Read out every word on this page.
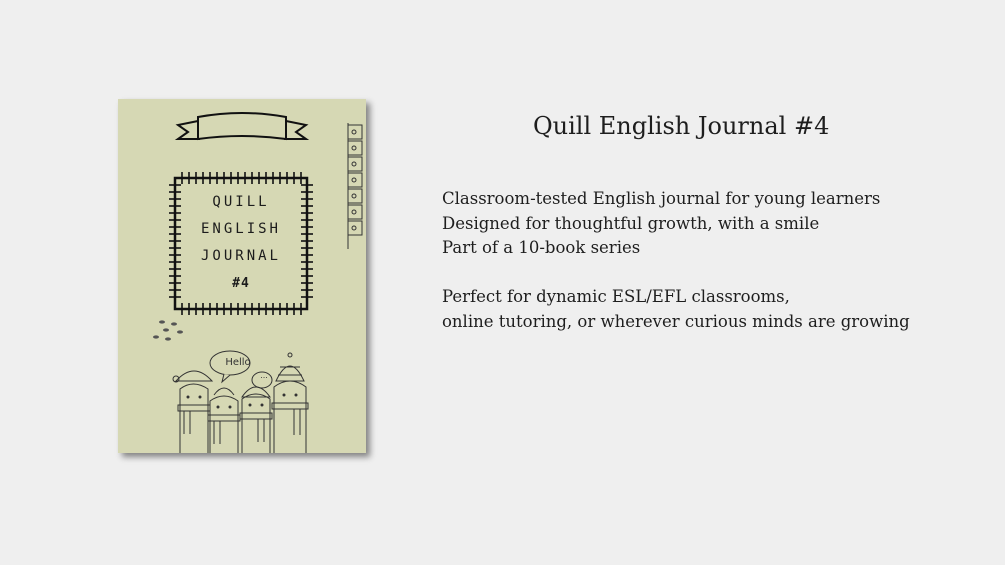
QUILL
ENGLISH
JOURNAL
#4
Hello
...
Quill English Journal #4
Classroom-tested English journal for young learners
Designed for thoughtful growth, with a smile
Part of a 10-book series
Perfect for dynamic ESL/EFL classrooms,
online tutoring, or wherever curious minds are growing
